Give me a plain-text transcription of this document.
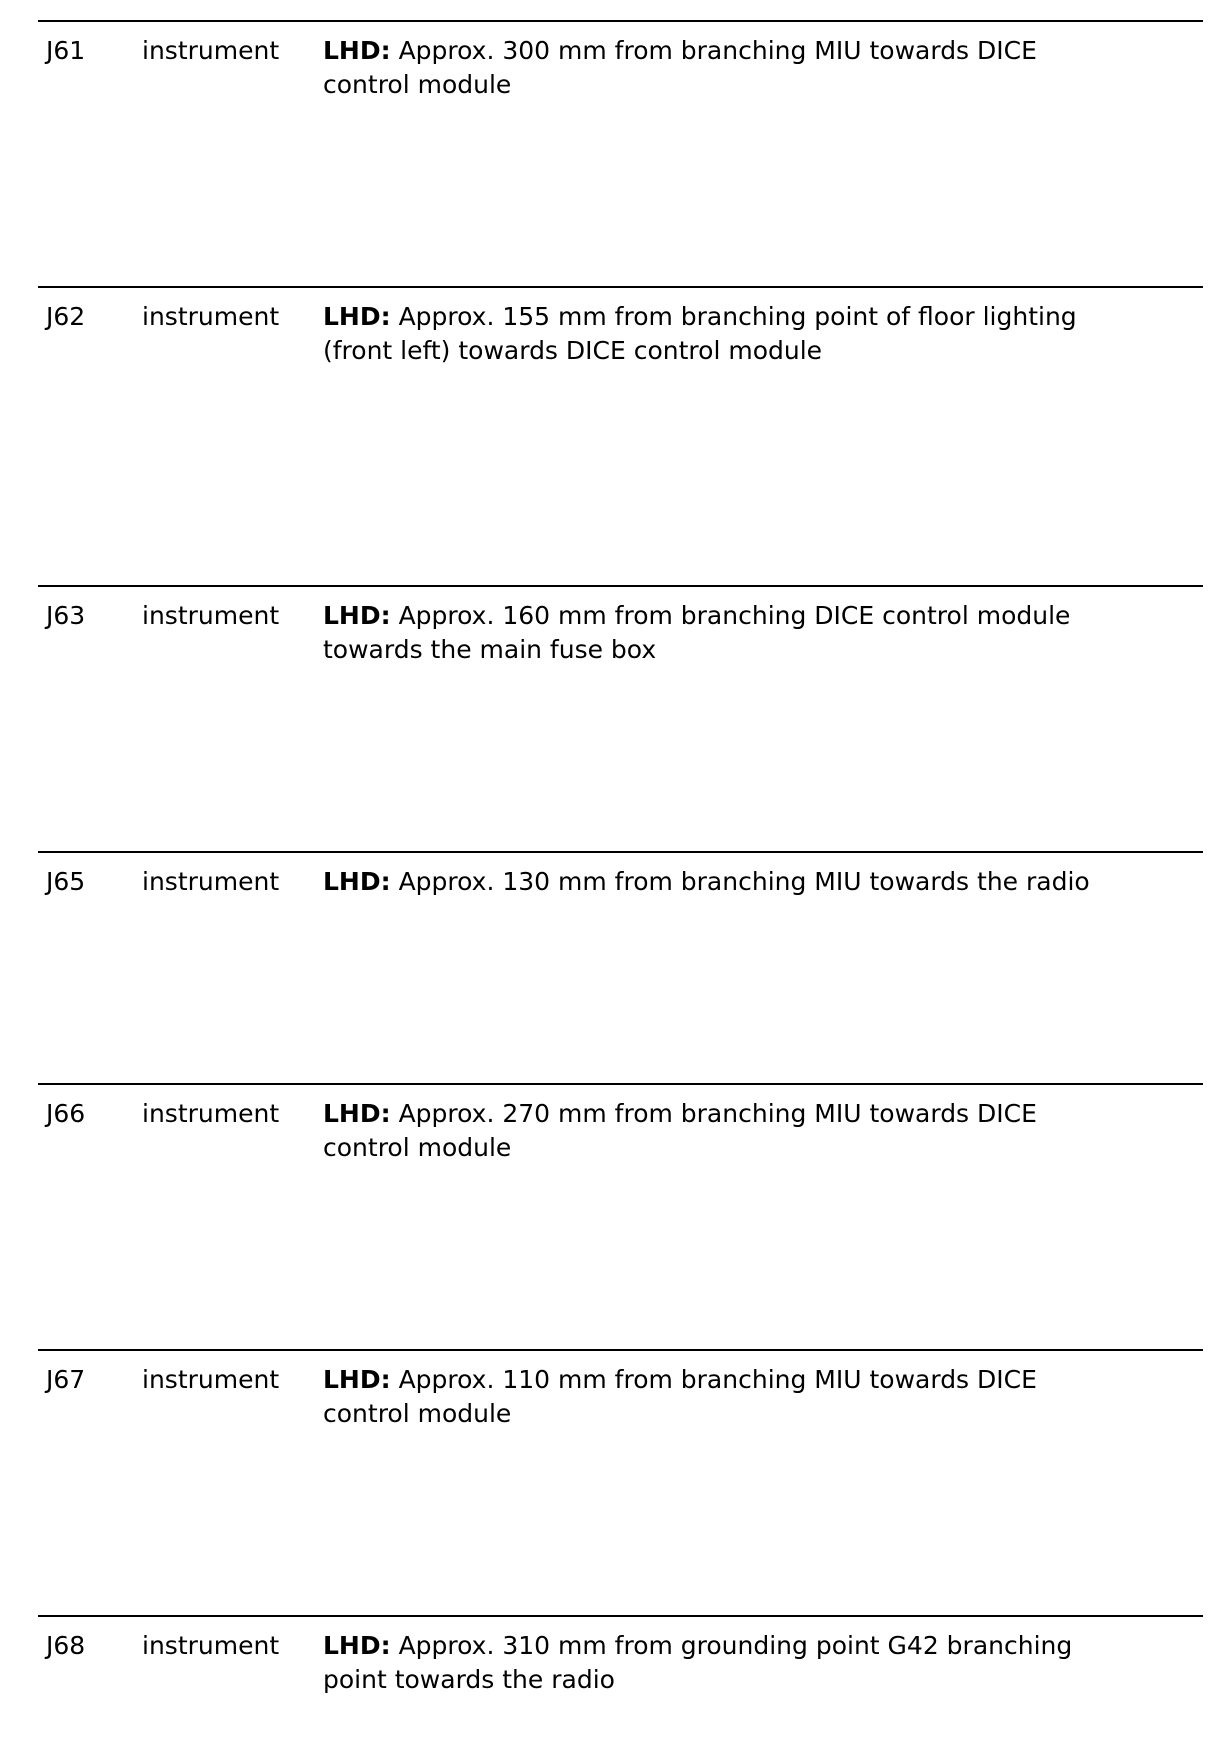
J61 instrument LHD: Approx. 300 mm from branching MIU towards DICE
control module
J62 instrument LHD: Approx. 155 mm from branching point of floor lighting
(front left) towards DICE control module
J63 instrument LHD: Approx. 160 mm from branching DICE control module
towards the main fuse box
J65 instrument LHD: Approx. 130 mm from branching MIU towards the radio
J66 instrument LHD: Approx. 270 mm from branching MIU towards DICE
control module
J67 instrument LHD: Approx. 110 mm from branching MIU towards DICE
control module
J68 instrument LHD: Approx. 310 mm from grounding point G42 branching
point towards the radio
